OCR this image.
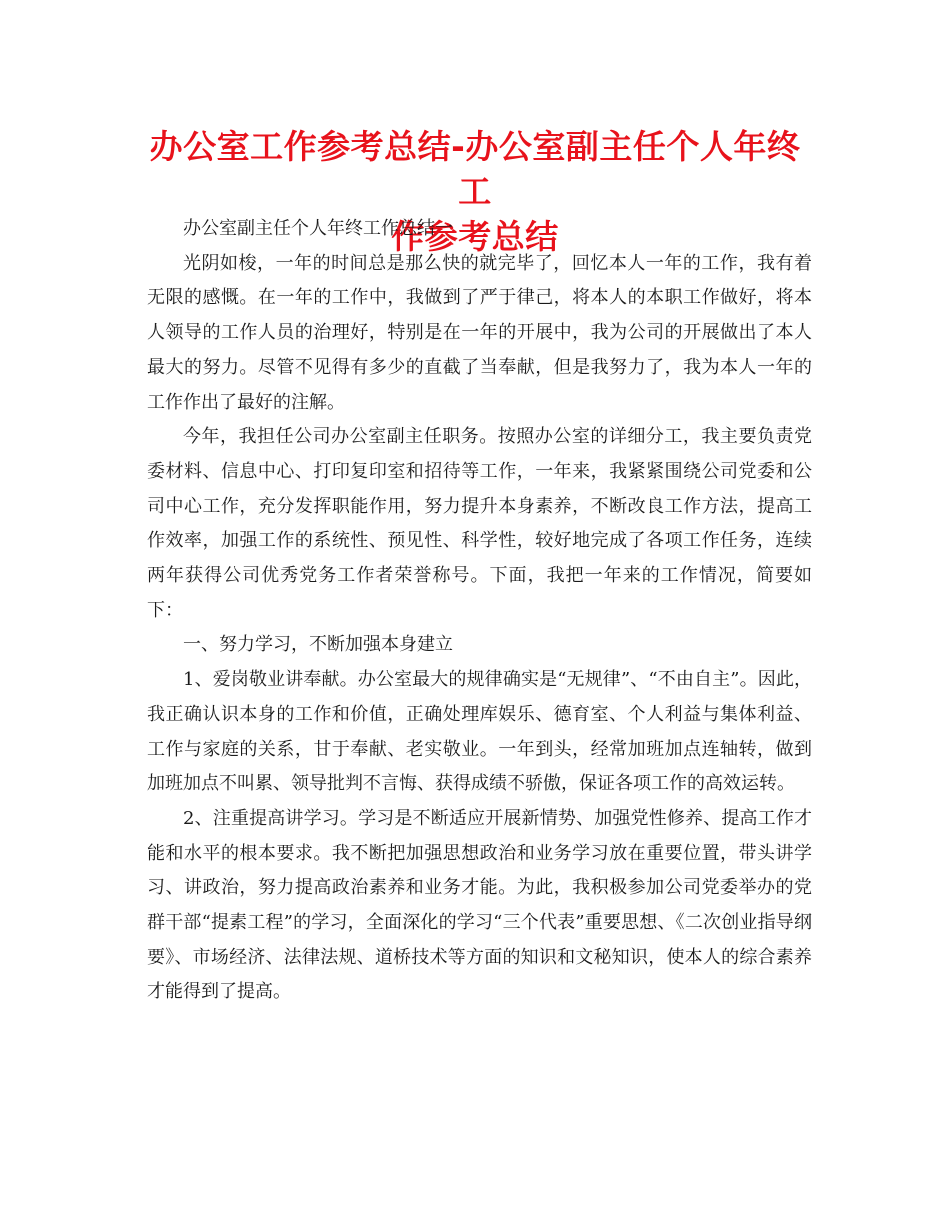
办公室工作参考总结-办公室副主任个人年终工
作参考总结

办公室副主任个人年终工作总结一

光阴如梭，一年的时间总是那么快的就完毕了，回忆本人一年的工作，我有着无限的感慨。在一年的工作中，我做到了严于律己，将本人的本职工作做好，将本人领导的工作人员的治理好，特别是在一年的开展中，我为公司的开展做出了本人最大的努力。尽管不见得有多少的直截了当奉献，但是我努力了，我为本人一年的工作作出了最好的注解。

今年，我担任公司办公室副主任职务。按照办公室的详细分工，我主要负责党委材料、信息中心、打印复印室和招待等工作，一年来，我紧紧围绕公司党委和公司中心工作，充分发挥职能作用，努力提升本身素养，不断改良工作方法，提高工作效率，加强工作的系统性、预见性、科学性，较好地完成了各项工作任务，连续两年获得公司优秀党务工作者荣誉称号。下面，我把一年来的工作情况，简要如下：

一、努力学习，不断加强本身建立

1、爱岗敬业讲奉献。办公室最大的规律确实是“无规律”、“不由自主”。因此，我正确认识本身的工作和价值，正确处理库娱乐、德育室、个人利益与集体利益、工作与家庭的关系，甘于奉献、老实敬业。一年到头，经常加班加点连轴转，做到加班加点不叫累、领导批判不言悔、获得成绩不骄傲，保证各项工作的高效运转。

2、注重提高讲学习。学习是不断适应开展新情势、加强党性修养、提高工作才能和水平的根本要求。我不断把加强思想政治和业务学习放在重要位置，带头讲学习、讲政治，努力提高政治素养和业务才能。为此，我积极参加公司党委举办的党群干部“提素工程”的学习，全面深化的学习“三个代表”重要思想、《二次创业指导纲要》、市场经济、法律法规、道桥技术等方面的知识和文秘知识，使本人的综合素养才能得到了提高。
